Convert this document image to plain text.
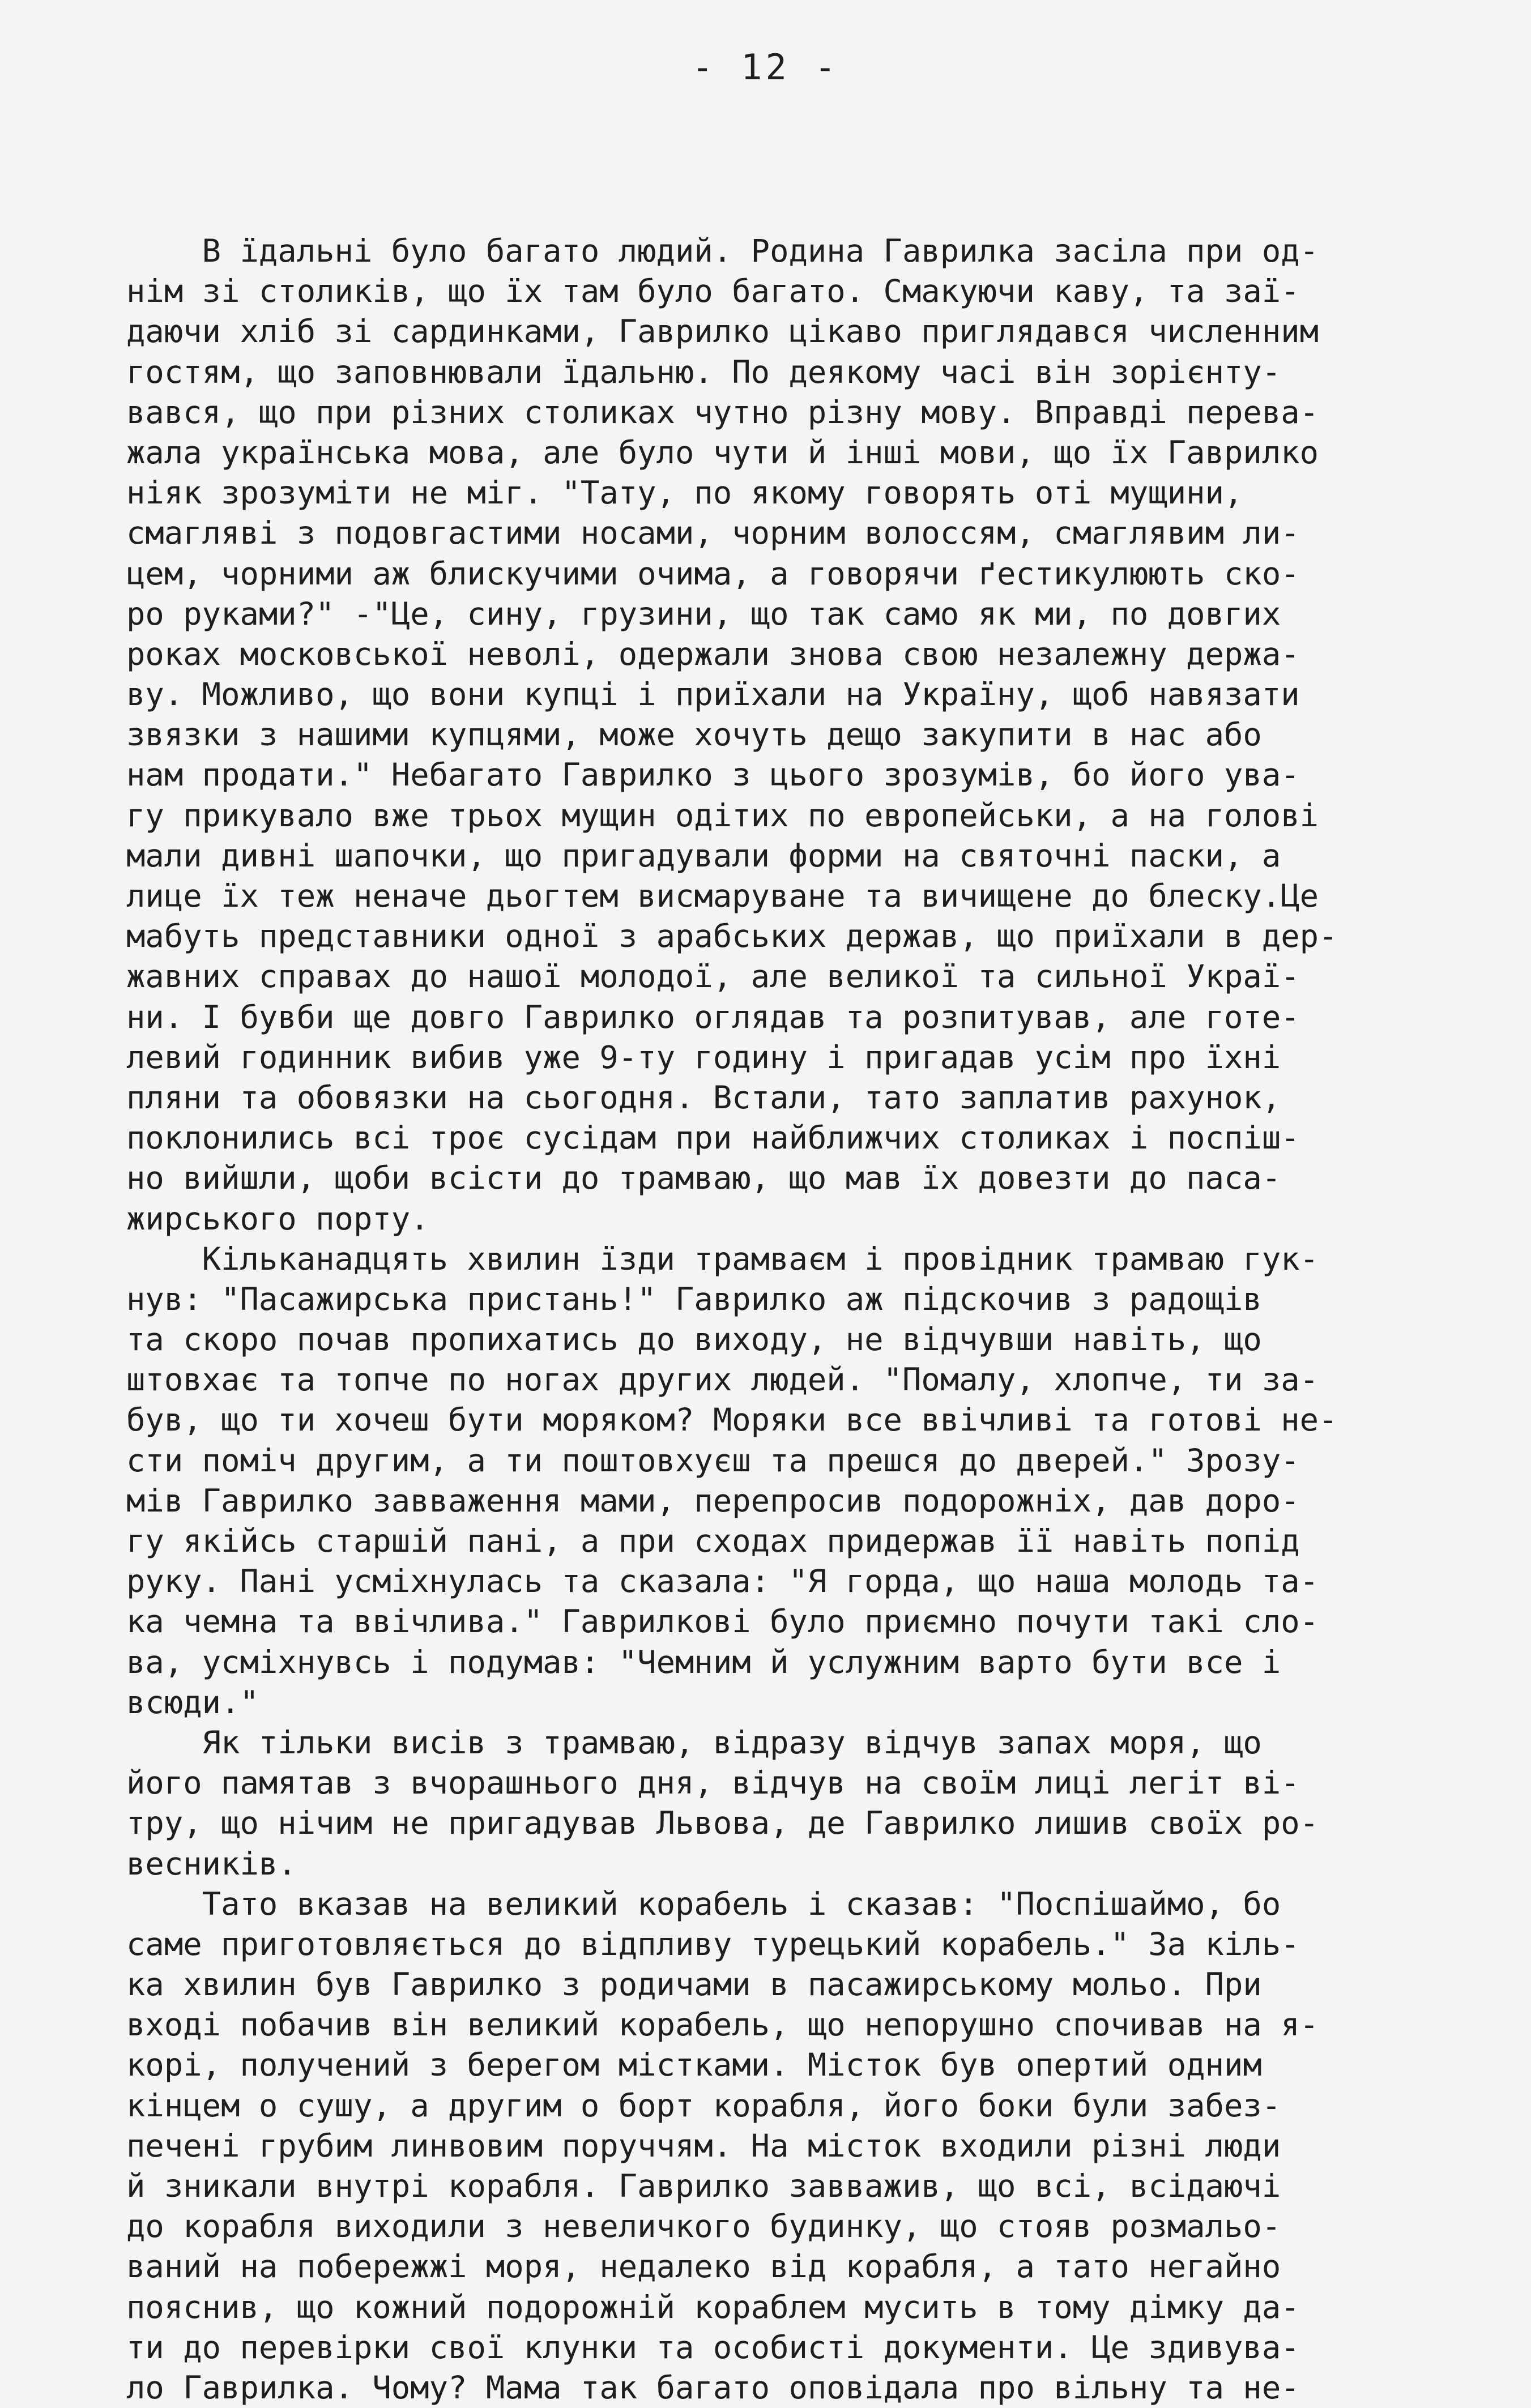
- 12 -
В їдальні було багато людий. Родина Гаврилка засіла при од-
нім зі столиків, що їх там було багато. Смакуючи каву, та заї-
даючи хліб зі сардинками, Гаврилко цікаво приглядався численним
гостям, що заповнювали їдальню. По деякому часі він зорієнту-
вався, що при різних столиках чутно різну мову. Вправді перева-
жала українська мова, але було чути й інші мови, що їх Гаврилко
ніяк зрозуміти не міг. "Тату, по якому говорять оті мущини,
смагляві з подовгастими носами, чорним волоссям, смаглявим ли-
цем, чорними аж блискучими очима, а говорячи ґестикулюють ско-
ро руками?" -"Це, сину, грузини, що так само як ми, по довгих
роках московської неволі, одержали знова свою незалежну держа-
ву. Можливо, що вони купці і приїхали на Україну, щоб навязати
звязки з нашими купцями, може хочуть дещо закупити в нас або
нам продати." Небагато Гаврилко з цього зрозумів, бо його ува-
гу прикувало вже трьох мущин одітих по европейськи, а на голові
мали дивні шапочки, що пригадували форми на святочні паски, а
лице їх теж неначе дьогтем висмаруване та вичищене до блеску.Це
мабуть представники одної з арабських держав, що приїхали в дер-
жавних справах до нашої молодої, але великої та сильної Украї-
ни. І бувби ще довго Гаврилко оглядав та розпитував, але готе-
левий годинник вибив уже 9-ту годину і пригадав усім про їхні
пляни та обовязки на сьогодня. Встали, тато заплатив рахунок,
поклонились всі троє сусідам при найближчих столиках і поспіш-
но вийшли, щоби всісти до трамваю, що мав їх довезти до паса-
жирського порту.
Кільканадцять хвилин їзди трамваєм і провідник трамваю гук-
нув: "Пасажирська пристань!" Гаврилко аж підскочив з радощів
та скоро почав пропихатись до виходу, не відчувши навіть, що
штовхає та топче по ногах других людей. "Помалу, хлопче, ти за-
був, що ти хочеш бути моряком? Моряки все ввічливі та готові не-
сти поміч другим, а ти поштовхуєш та прешся до дверей." Зрозу-
мів Гаврилко завваження мами, перепросив подорожніх, дав доро-
гу якійсь старшій пані, а при сходах придержав її навіть попід
руку. Пані усміхнулась та сказала: "Я горда, що наша молодь та-
ка чемна та ввічлива." Гаврилкові було приємно почути такі сло-
ва, усміхнувсь і подумав: "Чемним й услужним варто бути все і
всюди."
Як тільки висів з трамваю, відразу відчув запах моря, що
його памятав з вчорашнього дня, відчув на своїм лиці легіт ві-
тру, що нічим не пригадував Львова, де Гаврилко лишив своїх ро-
весників.
Тато вказав на великий корабель і сказав: "Поспішаймо, бо
саме приготовляється до відпливу турецький корабель." За кіль-
ка хвилин був Гаврилко з родичами в пасажирському мольо. При
вході побачив він великий корабель, що непорушно спочивав на я-
корі, получений з берегом містками. Місток був опертий одним
кінцем о сушу, а другим о борт корабля, його боки були забез-
печені грубим линвовим поруччям. На місток входили різні люди
й зникали внутрі корабля. Гаврилко завважив, що всі, всідаючі
до корабля виходили з невеличкого будинку, що стояв розмальо-
ваний на побережжі моря, недалеко від корабля, а тато негайно
пояснив, що кожний подорожній кораблем мусить в тому дімку да-
ти до перевірки свої клунки та особисті документи. Це здивува-
ло Гаврилка. Чому? Мама так багато оповідала про вільну та не-
